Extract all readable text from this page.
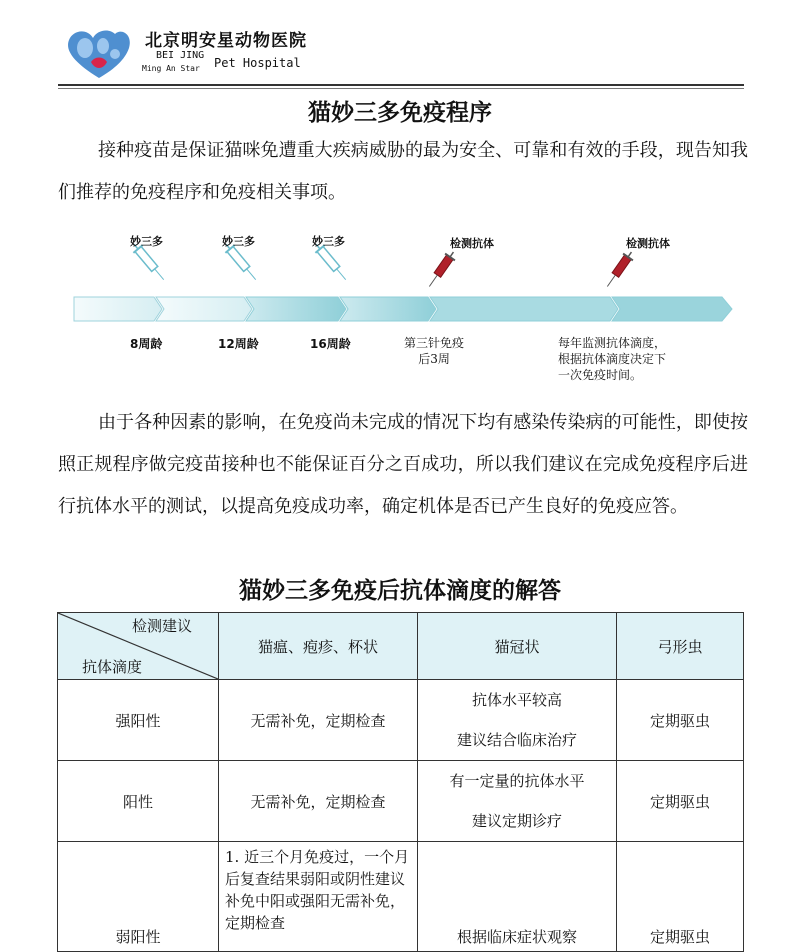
北京明安星动物医院
BEI JING
Ming An Star Pet Hospital
猫妙三多免疫程序
接种疫苗是保证猫咪免遭重大疾病威胁的最为安全、可靠和有效的手段，现告知我们推荐的免疫程序和免疫相关事项。
妙三多	妙三多	妙三多	检测抗体	检测抗体
8周龄	12周龄	16周龄	第三针免疫
后3周
每年监测抗体滴度，
根据抗体滴度决定下
一次免疫时间。
由于各种因素的影响，在免疫尚未完成的情况下均有感染传染病的可能性，即使按照正规程序做完疫苗接种也不能保证百分之百成功，所以我们建议在完成免疫程序后进行抗体水平的测试，以提高免疫成功率，确定机体是否已产生良好的免疫应答。
猫妙三多免疫后抗体滴度的解答
检测建议
抗体滴度	猫瘟、疱疹、杯状	猫冠状	弓形虫
强阳性	无需补免，定期检查	抗体水平较高
建议结合临床治疗	定期驱虫
阳性	无需补免，定期检查	有一定量的抗体水平
建议定期诊疗	定期驱虫
弱阳性	1. 近三个月免疫过，一个月后复查结果弱阳或阴性建议补免中阳或强阳无需补免，定期检查	根据临床症状观察	定期驱虫
